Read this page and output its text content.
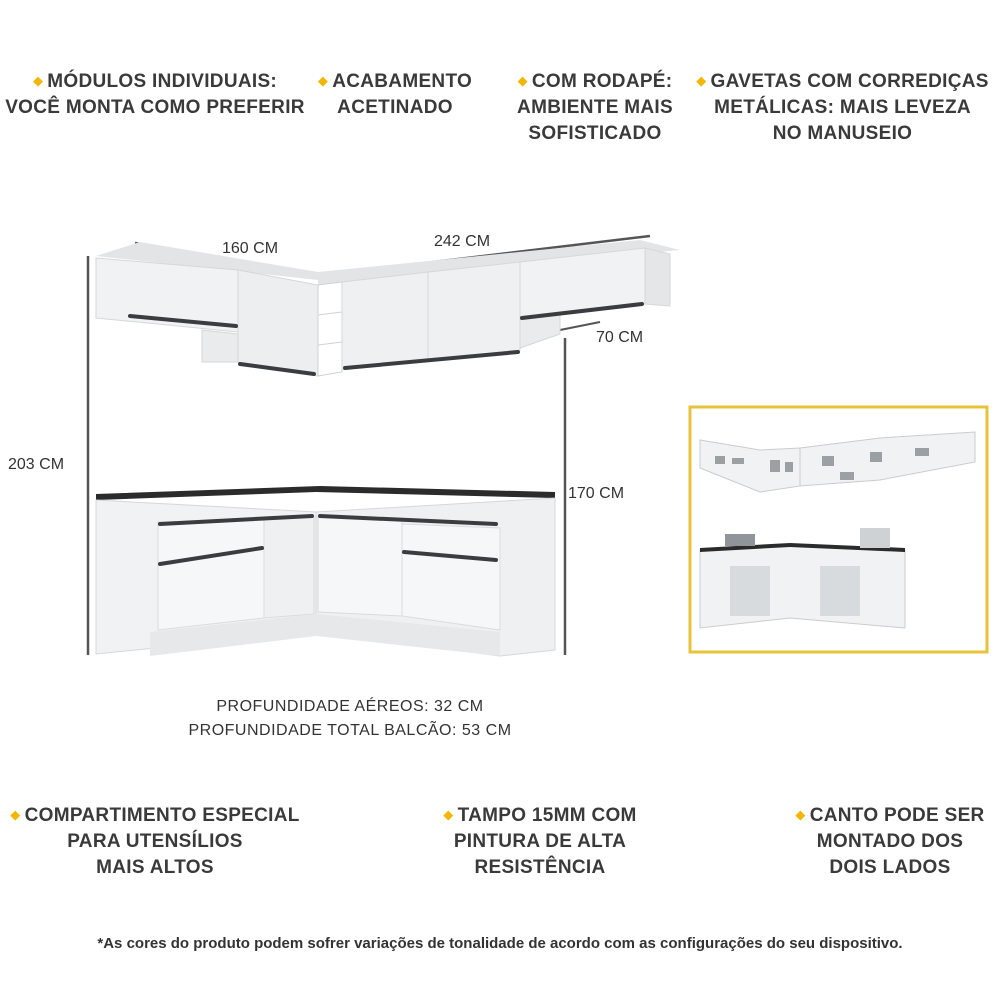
◆ MÓDULOS INDIVIDUAIS:
VOCÊ MONTA COMO PREFERIR
◆ ACABAMENTO
ACETINADO
◆ COM RODAPÉ:
AMBIENTE MAIS
SOFISTICADO
◆ GAVETAS COM CORREDIÇAS
METÁLICAS: MAIS LEVEZA
NO MANUSEIO
160 CM	242 CM
70 CM
203 CM
170 CM
PROFUNDIDADE AÉREOS: 32 CM
PROFUNDIDADE TOTAL BALCÃO: 53 CM
◆ COMPARTIMENTO ESPECIAL
PARA UTENSÍLIOS
MAIS ALTOS
◆ TAMPO 15MM COM
PINTURA DE ALTA
RESISTÊNCIA
◆ CANTO PODE SER
MONTADO DOS
DOIS LADOS
*As cores do produto podem sofrer variações de tonalidade de acordo com as configurações do seu dispositivo.
